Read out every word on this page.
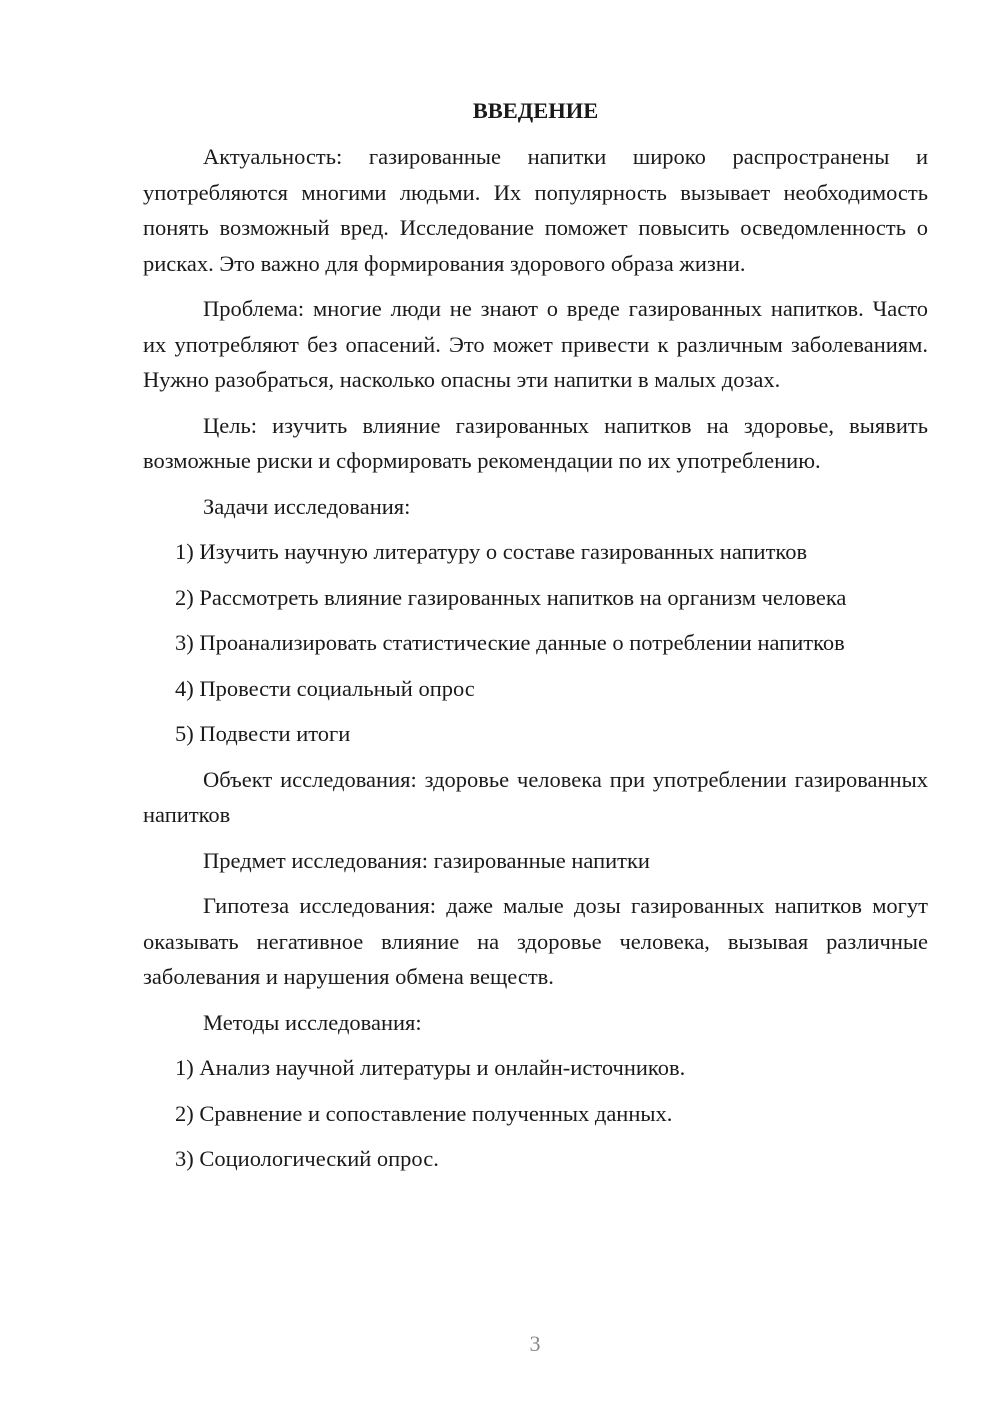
ВВЕДЕНИЕ

Актуальность: газированные напитки широко распространены и употребляются многими людьми. Их популярность вызывает необходимость понять возможный вред. Исследование поможет повысить осведомленность о рисках. Это важно для формирования здорового образа жизни.

Проблема: многие люди не знают о вреде газированных напитков. Часто их употребляют без опасений. Это может привести к различным заболеваниям. Нужно разобраться, насколько опасны эти напитки в малых дозах.

Цель: изучить влияние газированных напитков на здоровье, выявить возможные риски и сформировать рекомендации по их употреблению.

Задачи исследования:

1) Изучить научную литературу о составе газированных напитков

2) Рассмотреть влияние газированных напитков на организм человека

3) Проанализировать статистические данные о потреблении напитков

4) Провести социальный опрос

5) Подвести итоги

Объект исследования: здоровье человека при употреблении газированных напитков

Предмет исследования: газированные напитки

Гипотеза исследования: даже малые дозы газированных напитков могут оказывать негативное влияние на здоровье человека, вызывая различные заболевания и нарушения обмена веществ.

Методы исследования:

1) Анализ научной литературы и онлайн-источников.

2) Сравнение и сопоставление полученных данных.

3) Социологический опрос.

3
